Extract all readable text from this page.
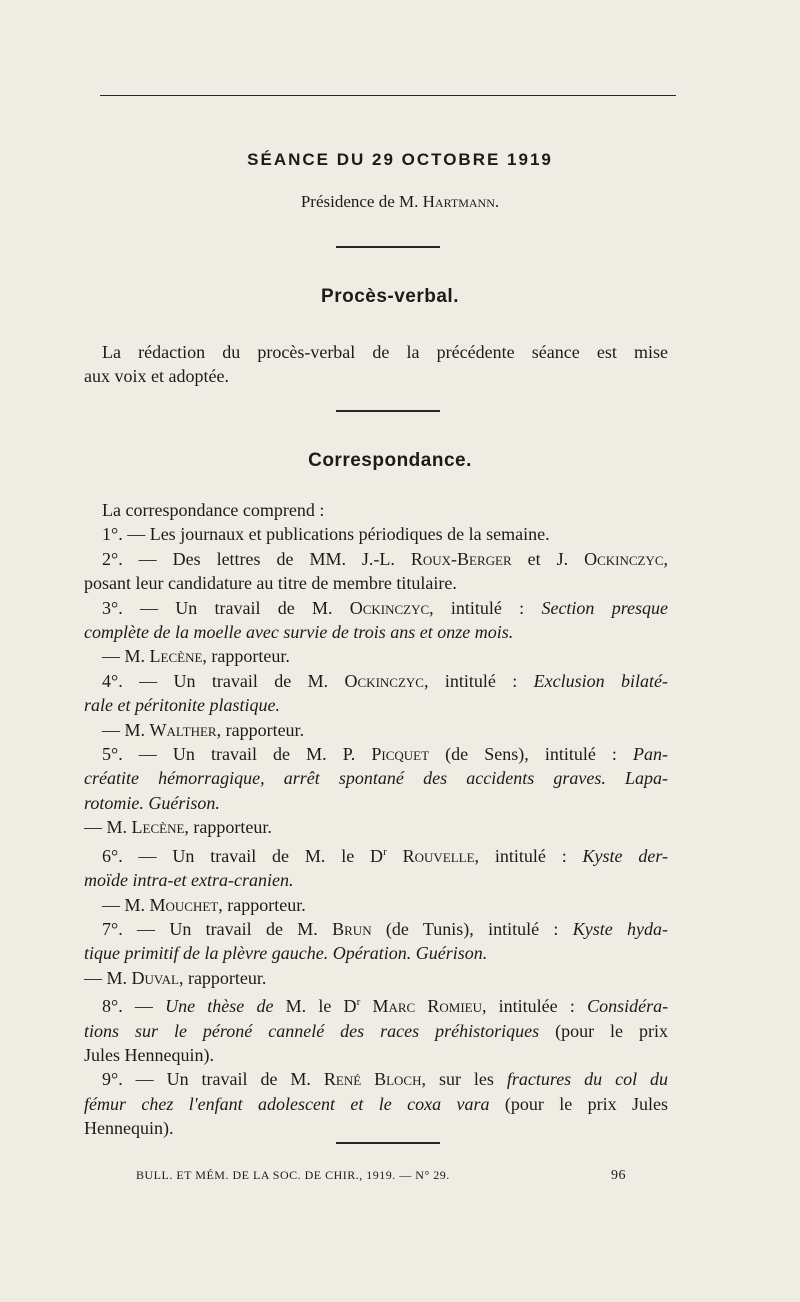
SÉANCE DU 29 OCTOBRE 1919
Présidence de M. Hartmann.
Procès-verbal.
La rédaction du procès-verbal de la précédente séance est mise
aux voix et adoptée.
Correspondance.
La correspondance comprend :
1°. — Les journaux et publications périodiques de la semaine.
2°. — Des lettres de MM. J.-L. Roux-Berger et J. Ockinczyc,
posant leur candidature au titre de membre titulaire.
3°. — Un travail de M. Ockinczyc, intitulé : Section presque
complète de la moelle avec survie de trois ans et onze mois.
— M. Lecène, rapporteur.
4°. — Un travail de M. Ockinczyc, intitulé : Exclusion bilaté-
rale et péritonite plastique.
— M. Walther, rapporteur.
5°. — Un travail de M. P. Picquet (de Sens), intitulé : Pan-
créatite hémorragique, arrêt spontané des accidents graves. Lapa-
rotomie. Guérison.
— M. Lecène, rapporteur.
6°. — Un travail de M. le $D^r$ Rouvelle, intitulé : Kyste der-
moïde intra-et extra-cranien.
— M. Mouchet, rapporteur.
7°. — Un travail de M. Brun (de Tunis), intitulé : Kyste hyda-
tique primitif de la plèvre gauche. Opération. Guérison.
— M. Duval, rapporteur.
8°. — Une thèse de M. le $D^r$ Marc Romieu, intitulée : Considéra-
tions sur le péroné cannelé des races préhistoriques (pour le prix
Jules Hennequin).
9°. — Un travail de M. René Bloch, sur les fractures du col du
fémur chez l'enfant adolescent et le coxa vara (pour le prix Jules
Hennequin).
BULL. ET MÉM. DE LA SOC. DE CHIR., 1919. — N° 29.	96
